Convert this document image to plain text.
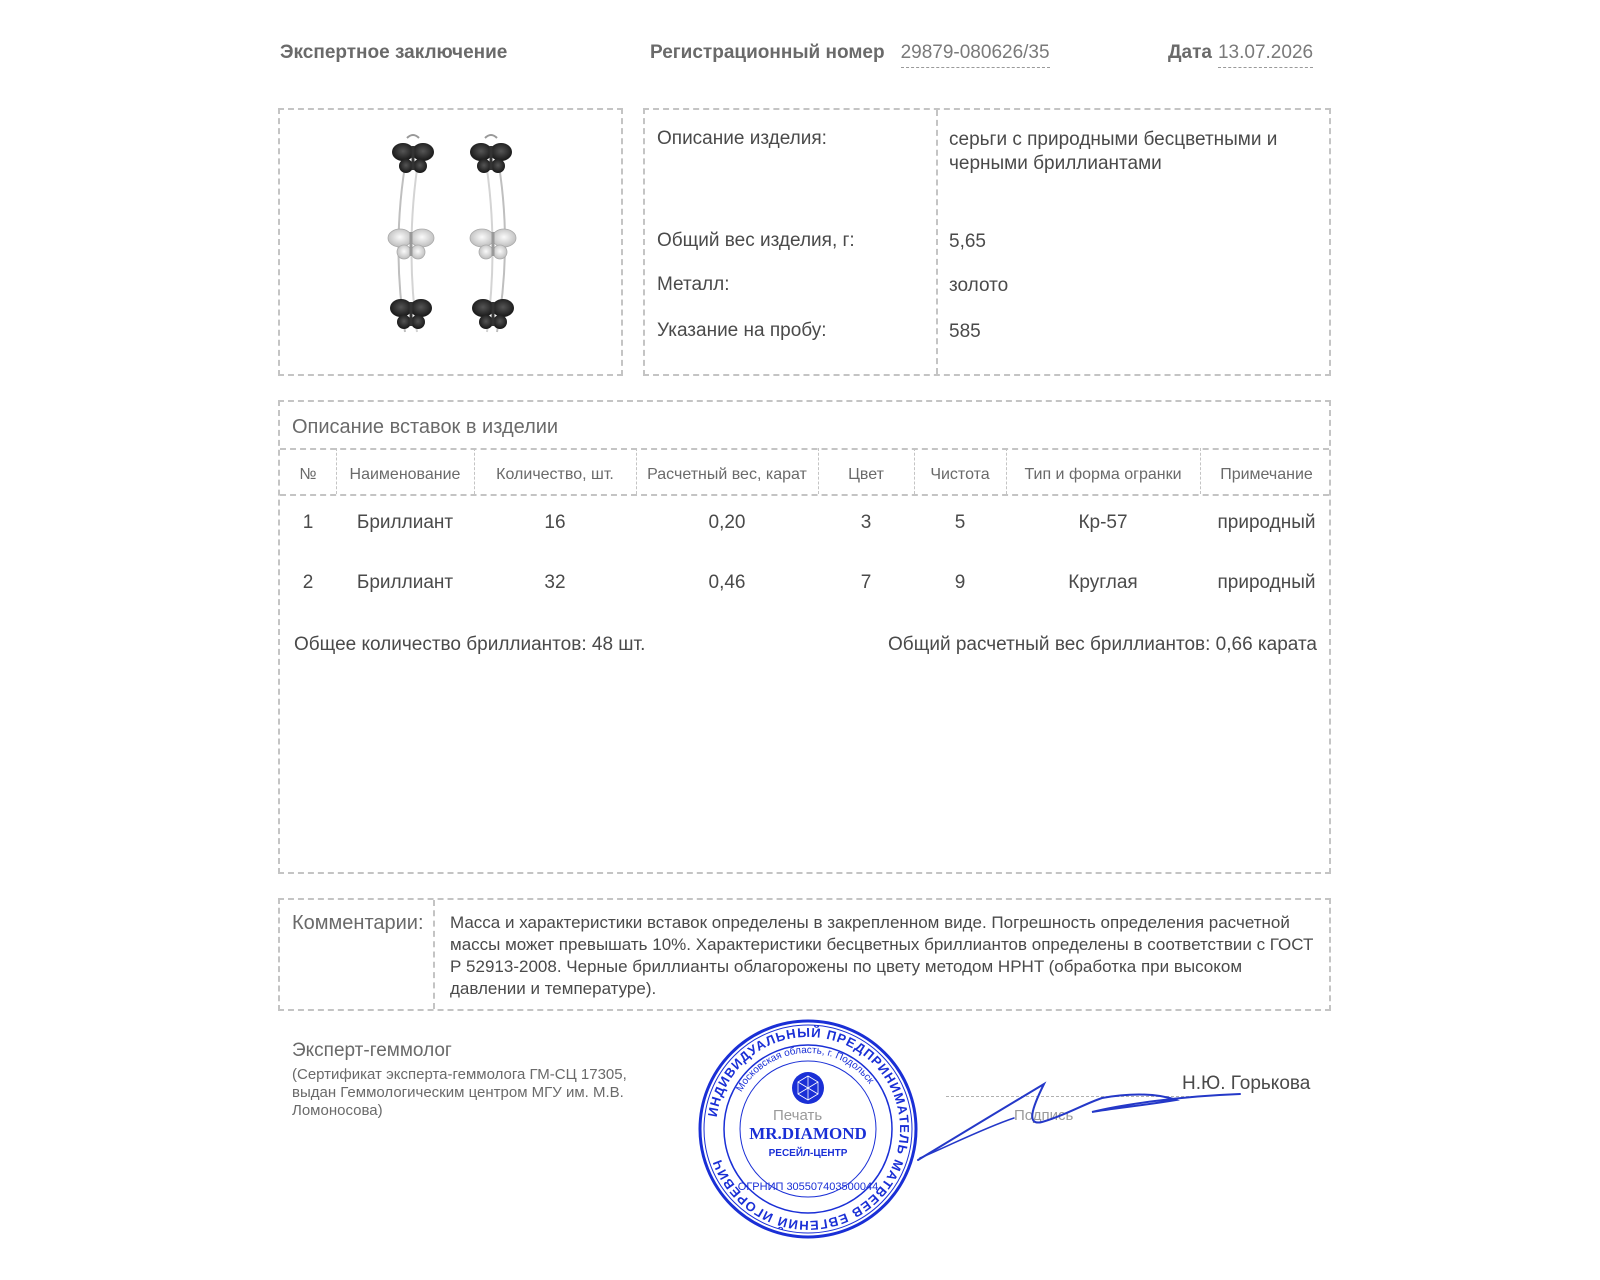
Экспертное заключение	Регистрационный номер 29879-080626/35	Дата 13.07.2026
Описание изделия:	серьги с природными бесцветными и черными бриллиантами
Общий вес изделия, г:	5,65
Металл:	золото
Указание на пробу:	585
Описание вставок в изделии
№	Наименование	Количество, шт.	Расчетный вес, карат	Цвет	Чистота	Тип и форма огранки	Примечание
1	Бриллиант	16	0,20	3	5	Кр-57	природный
2	Бриллиант	32	0,46	7	9	Круглая	природный
Общее количество бриллиантов: 48 шт.	Общий расчетный вес бриллиантов: 0,66 карата
Комментарии: Масса и характеристики вставок определены в закрепленном виде. Погрешность определения расчетной массы может превышать 10%. Характеристики бесцветных бриллиантов определены в соответствии с ГОСТ Р 52913-2008. Черные бриллианты облагорожены по цвету методом HPHT (обработка при высоком давлении и температуре).
Эксперт-геммолог
(Сертификат эксперта-геммолога ГМ-СЦ 17305, выдан Геммологическим центром МГУ им. М.В. Ломоносова)	Печать	Подпись
Н.Ю. Горькова
ИНДИВИДУАЛЬНЫЙ ПРЕДПРИНИМАТЕЛЬ МАТВЕЕВ ЕВГЕНИЙ ИГОРЕВИЧ
Московская область, г. Подольск
ОГРНИП 305507403500044
MR.DIAMOND
РЕСЕЙЛ-ЦЕНТР
